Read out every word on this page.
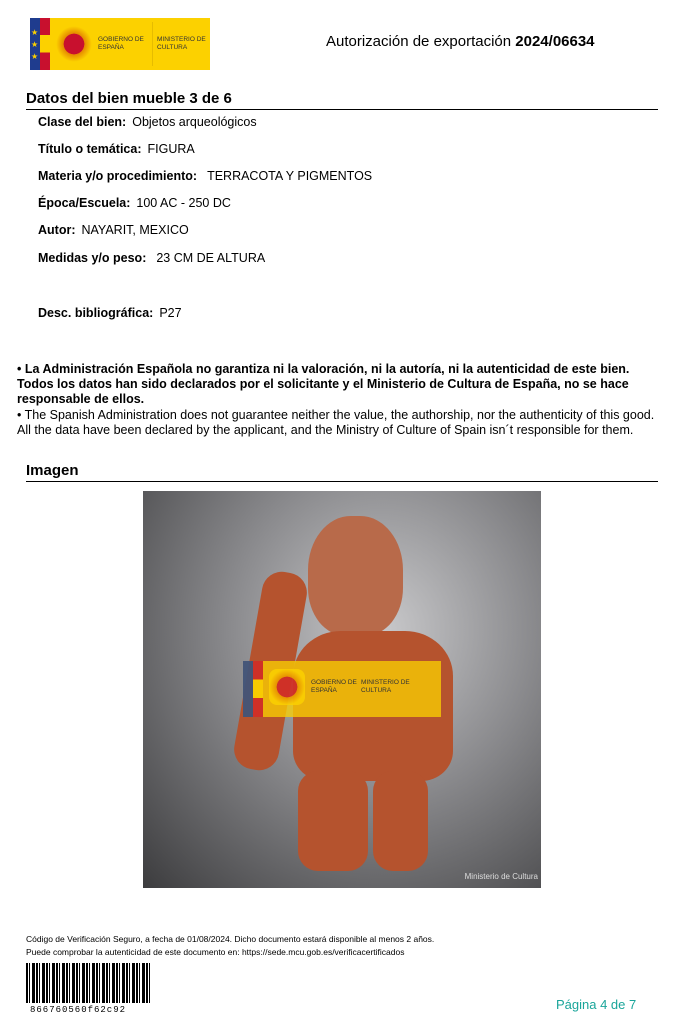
★
★
★
GOBIERNO DE ESPAÑA
MINISTERIO DE CULTURA	Autorización de exportación 2024/06634
Datos del bien mueble 3 de 6
Clase del bien: Objetos arqueológicos
Título o temática: FIGURA
Materia y/o procedimiento: TERRACOTA Y PIGMENTOS
Época/Escuela: 100 AC - 250 DC
Autor: NAYARIT, MEXICO
Medidas y/o peso: 23 CM DE ALTURA
Desc. bibliográfica: P27
• La Administración Española no garantiza ni la valoración, ni la autoría, ni la autenticidad de este bien. Todos los datos han sido declarados por el solicitante y el Ministerio de Cultura de España, no se hace responsable de ellos.
• The Spanish Administration does not guarantee neither the value, the authorship, nor the authenticity of this good. All the data have been declared by the applicant, and the Ministry of Culture of Spain isn´t responsible for them.
Imagen
GOBIERNO DE ESPAÑA
MINISTERIO DE CULTURA
Ministerio de Cultura
Código de Verificación Seguro, a fecha de 01/08/2024. Dicho documento estará disponible al menos 2 años.
Puede comprobar la autenticidad de este documento en: https://sede.mcu.gob.es/verificacertificados
866760560f62c92	Página 4 de 7
